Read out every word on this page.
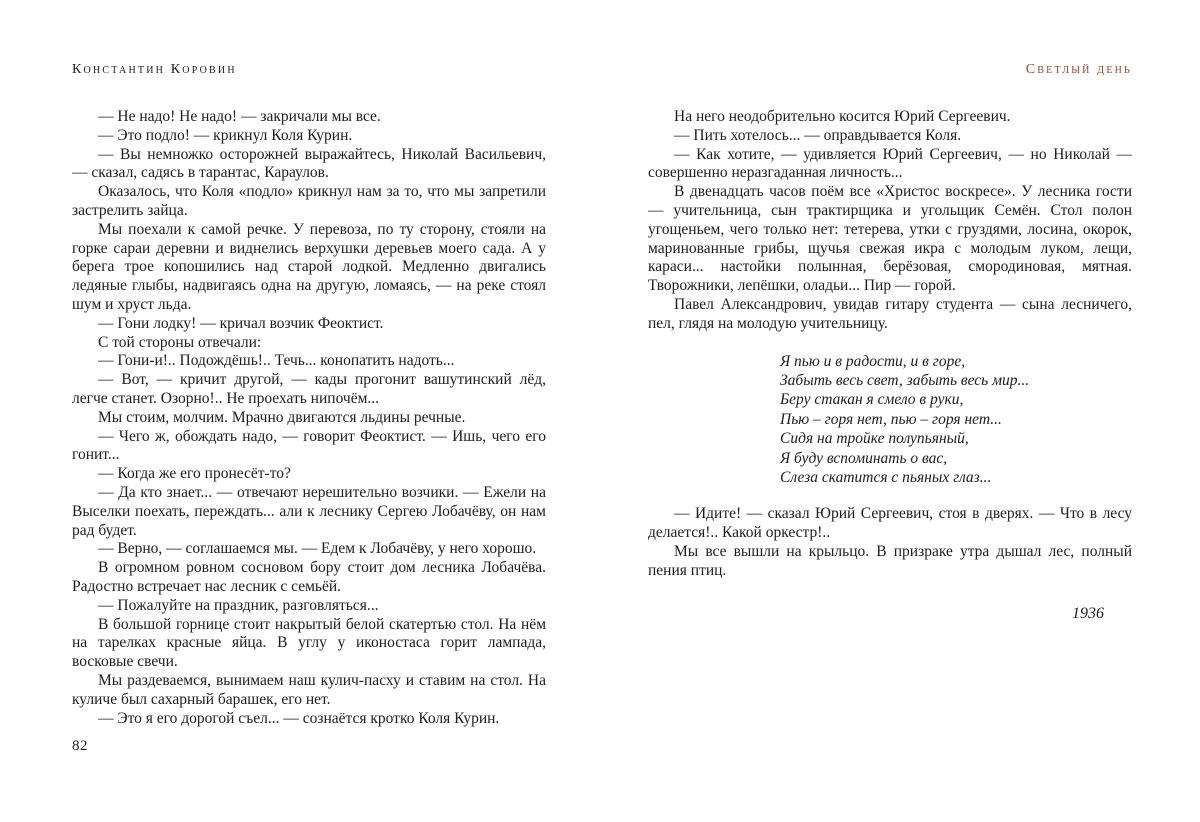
Константин Коровин

— Не надо! Не надо! — закричали мы все.

— Это подло! — крикнул Коля Курин.

— Вы немножко осторожней выражайтесь, Николай Васильевич, — сказал, садясь в тарантас, Караулов.

Оказалось, что Коля «подло» крикнул нам за то, что мы запретили застрелить зайца.

Мы поехали к самой речке. У перевоза, по ту сторону, стояли на горке сараи деревни и виднелись верхушки деревьев моего сада. А у берега трое копошились над старой лодкой. Медленно двигались ледяные глыбы, надвигаясь одна на другую, ломаясь, — на реке стоял шум и хруст льда.

— Гони лодку! — кричал возчик Феоктист.

С той стороны отвечали:

— Гони-и!.. Подождёшь!.. Течь... конопатить надоть...

— Вот, — кричит другой, — кады прогонит вашутинский лёд, легче станет. Озорно!.. Не проехать нипочём...

Мы стоим, молчим. Мрачно двигаются льдины речные.

— Чего ж, обождать надо, — говорит Феоктист. — Ишь, чего его гонит...

— Когда же его пронесёт-то?

— Да кто знает... — отвечают нерешительно возчики. — Ежели на Выселки поехать, переждать... али к леснику Сергею Лобачёву, он нам рад будет.

— Верно, — соглашаемся мы. — Едем к Лобачёву, у него хорошо.

В огромном ровном сосновом бору стоит дом лесника Лобачёва. Радостно встречает нас лесник с семьёй.

— Пожалуйте на праздник, разговляться...

В большой горнице стоит накрытый белой скатертью стол. На нём на тарелках красные яйца. В углу у иконостаса горит лампада, восковые свечи.

Мы раздеваемся, вынимаем наш кулич-пасху и ставим на стол. На куличе был сахарный барашек, его нет.

— Это я его дорогой съел... — сознаётся кротко Коля Курин.

82
Светлый день

На него неодобрительно косится Юрий Сергеевич.

— Пить хотелось... — оправдывается Коля.

— Как хотите, — удивляется Юрий Сергеевич, — но Николай — совершенно неразгаданная личность...

В двенадцать часов поём все «Христос воскресе». У лесника гости — учительница, сын трактирщика и угольщик Семён. Стол полон угощеньем, чего только нет: тетерева, утки с груздями, лосина, окорок, маринованные грибы, щучья свежая икра с молодым луком, лещи, караси... настойки полынная, берёзовая, смородиновая, мятная. Творожники, лепёшки, оладьи... Пир — горой.

Павел Александрович, увидав гитару студента — сына лесничего, пел, глядя на молодую учительницу.

Я пью и в радости, и в горе,
Забыть весь свет, забыть весь мир...
Беру стакан я смело в руки,
Пью – горя нет, пью – горя нет...
Сидя на тройке полупьяный,
Я буду вспоминать о вас,
Слеза скатится с пьяных глаз...

— Идите! — сказал Юрий Сергеевич, стоя в дверях. — Что в лесу делается!.. Какой оркестр!..

Мы все вышли на крыльцо. В призраке утра дышал лес, полный пения птиц.

1936
